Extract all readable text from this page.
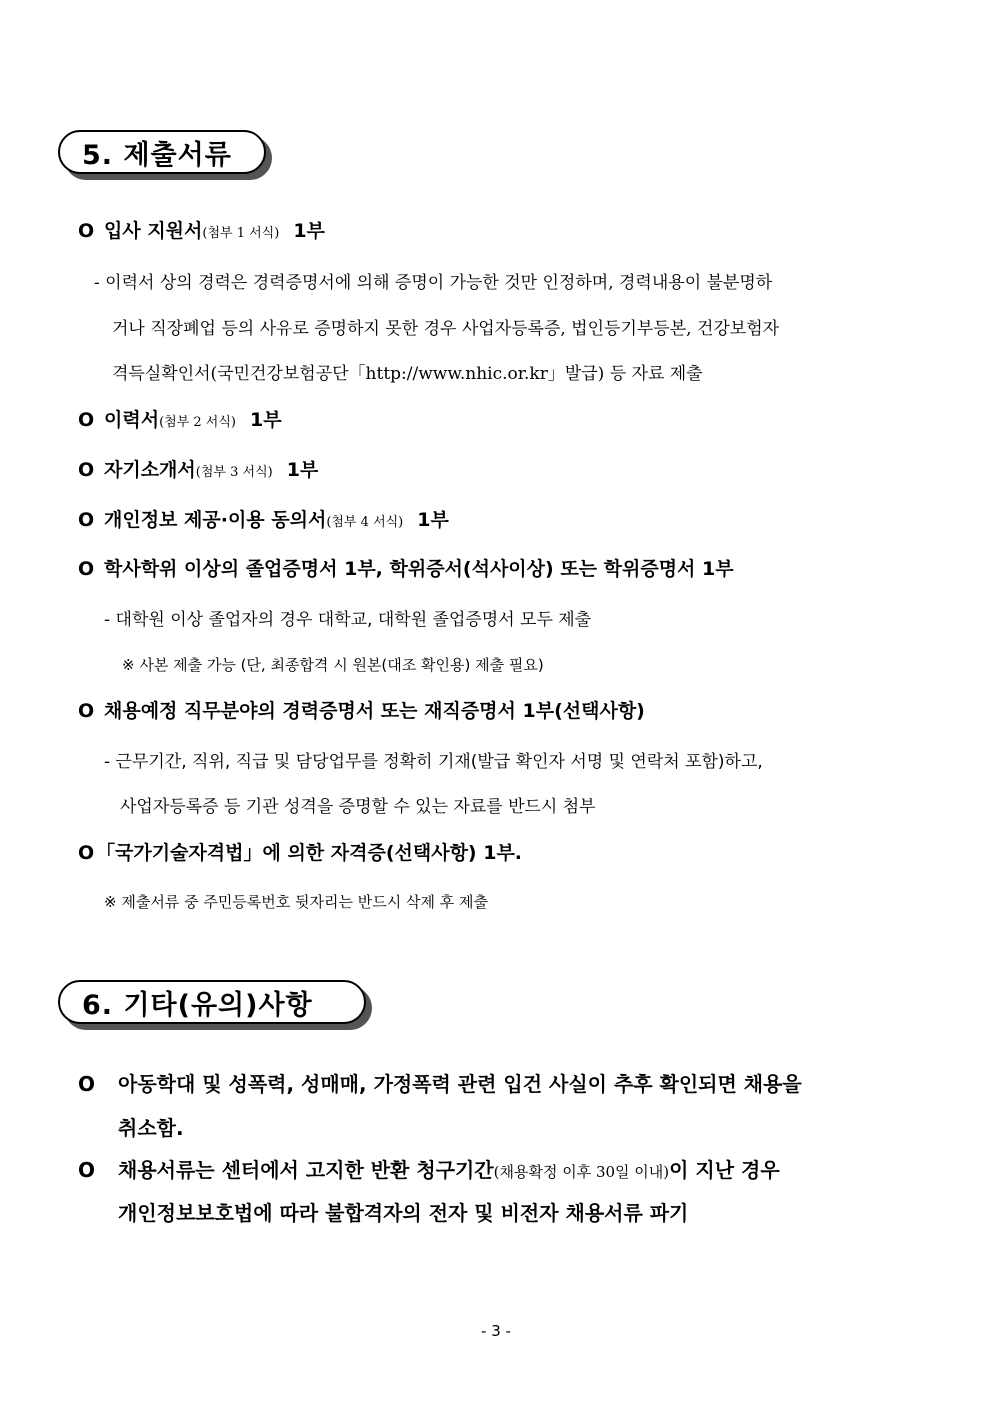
5. 제출서류
O 입사 지원서 (첨부 1 서식) 1부
- 이력서 상의 경력은 경력증명서에 의해 증명이 가능한 것만 인정하며, 경력내용이 불분명하
거나 직장폐업 등의 사유로 증명하지 못한 경우 사업자등록증, 법인등기부등본, 건강보험자
격득실확인서(국민건강보험공단「http://www.nhic.or.kr」발급) 등 자료 제출
O 이력서 (첨부 2 서식) 1부
O 자기소개서 (첨부 3 서식) 1부
O 개인정보 제공·이용 동의서 (첨부 4 서식) 1부
O 학사학위 이상의 졸업증명서 1부, 학위증서(석사이상) 또는 학위증명서 1부
- 대학원 이상 졸업자의 경우 대학교, 대학원 졸업증명서 모두 제출
※ 사본 제출 가능 (단, 최종합격 시 원본(대조 확인용) 제출 필요)
O 채용예정 직무분야의 경력증명서 또는 재직증명서 1부(선택사항)
- 근무기간, 직위, 직급 및 담당업무를 정확히 기재(발급 확인자 서명 및 연락처 포함)하고,
사업자등록증 등 기관 성격을 증명할 수 있는 자료를 반드시 첨부
O 「국가기술자격법」에 의한 자격증(선택사항) 1부.
※ 제출서류 중 주민등록번호 뒷자리는 반드시 삭제 후 제출
6. 기타(유의)사항
O	아동학대 및 성폭력, 성매매, 가정폭력 관련 입건 사실이 추후 확인되면 채용을
취소함.
O	채용서류는 센터에서 고지한 반환 청구기간 (채용확정 이후 30일 이내) 이 지난 경우
개인정보보호법에 따라 불합격자의 전자 및 비전자 채용서류 파기
- 3 -
